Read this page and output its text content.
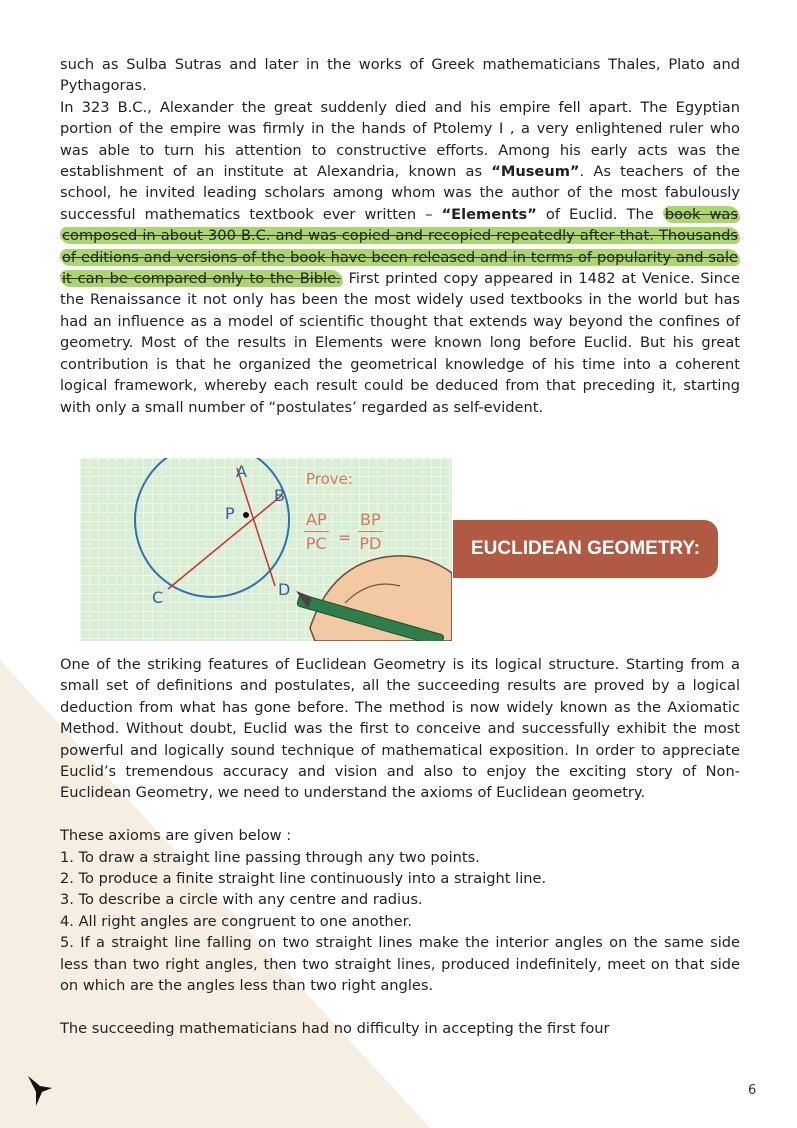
such as Sulba Sutras and later in the works of Greek mathematicians Thales, Plato and Pythagoras.

In 323 B.C., Alexander the great suddenly died and his empire fell apart. The Egyptian portion of the empire was firmly in the hands of Ptolemy I , a very enlightened ruler who was able to turn his attention to constructive efforts. Among his early acts was the establishment of an institute at Alexandria, known as “Museum”. As teachers of the school, he invited leading scholars among whom was the author of the most fabulously successful mathematics textbook ever written – “Elements” of Euclid. The book was composed in about 300 B.C. and was copied and recopied repeatedly after that. Thousands of editions and versions of the book have been released and in terms of popularity and sale it can be compared only to the Bible. First printed copy appeared in 1482 at Venice. Since the Renaissance it not only has been the most widely used textbooks in the world but has had an influence as a model of scientific thought that extends way beyond the confines of geometry. Most of the results in Elements were known long before Euclid. But his great contribution is that he organized the geometrical knowledge of his time into a coherent logical framework, whereby each result could be deduced from that preceding it, starting with only a small number of “postulates’ regarded as self-evident.

A
B
P
C	D
Prove:
$\frac{AP}{PC} = \frac{BP}{PD}$	EUCLIDEAN GEOMETRY:

One of the striking features of Euclidean Geometry is its logical structure. Starting from a small set of definitions and postulates, all the succeeding results are proved by a logical deduction from what has gone before. The method is now widely known as the Axiomatic Method. Without doubt, Euclid was the first to conceive and successfully exhibit the most powerful and logically sound technique of mathematical exposition. In order to appreciate Euclid’s tremendous accuracy and vision and also to enjoy the exciting story of Non- Euclidean Geometry, we need to understand the axioms of Euclidean geometry.

These axioms are given below :

1. To draw a straight line passing through any two points.

2. To produce a finite straight line continuously into a straight line.

3. To describe a circle with any centre and radius.

4. All right angles are congruent to one another.

5. If a straight line falling on two straight lines make the interior angles on the same side less than two right angles, then two straight lines, produced indefinitely, meet on that side on which are the angles less than two right angles.

The succeeding mathematicians had no difficulty in accepting the first four

6
